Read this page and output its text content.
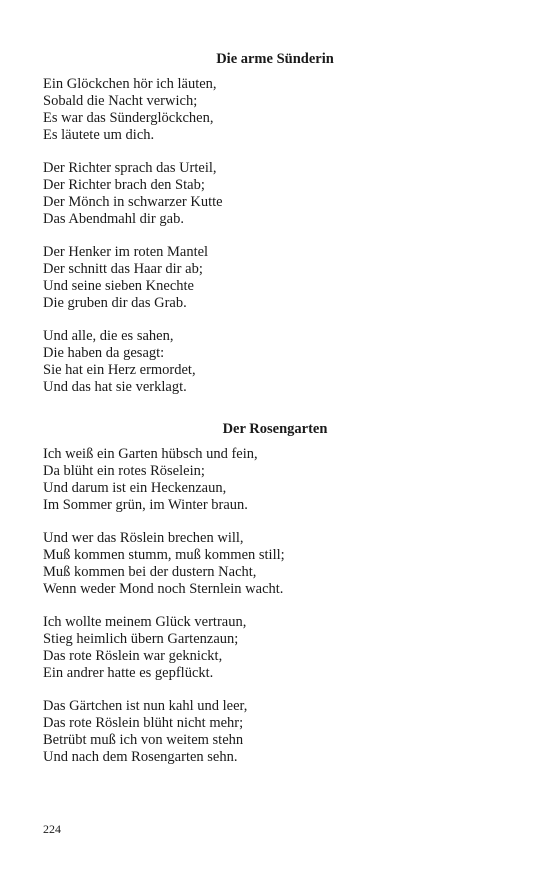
Die arme Sünderin
Ein Glöckchen hör ich läuten,
Sobald die Nacht verwich;
Es war das Sünderglöckchen,
Es läutete um dich.
Der Richter sprach das Urteil,
Der Richter brach den Stab;
Der Mönch in schwarzer Kutte
Das Abendmahl dir gab.
Der Henker im roten Mantel
Der schnitt das Haar dir ab;
Und seine sieben Knechte
Die gruben dir das Grab.
Und alle, die es sahen,
Die haben da gesagt:
Sie hat ein Herz ermordet,
Und das hat sie verklagt.
Der Rosengarten
Ich weiß ein Garten hübsch und fein,
Da blüht ein rotes Röselein;
Und darum ist ein Heckenzaun,
Im Sommer grün, im Winter braun.
Und wer das Röslein brechen will,
Muß kommen stumm, muß kommen still;
Muß kommen bei der dustern Nacht,
Wenn weder Mond noch Sternlein wacht.
Ich wollte meinem Glück vertraun,
Stieg heimlich übern Gartenzaun;
Das rote Röslein war geknickt,
Ein andrer hatte es gepflückt.
Das Gärtchen ist nun kahl und leer,
Das rote Röslein blüht nicht mehr;
Betrübt muß ich von weitem stehn
Und nach dem Rosengarten sehn.
224
